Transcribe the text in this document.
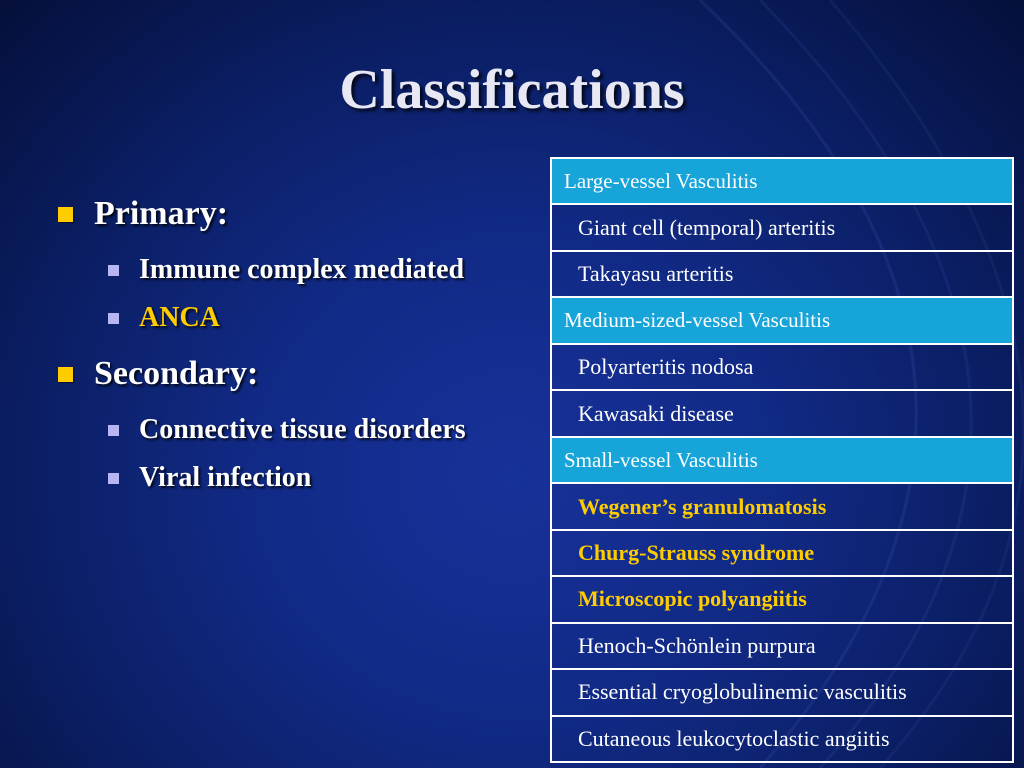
Classifications
Primary:
Immune complex mediated
ANCA
Secondary:
Connective tissue disorders
Viral infection
Large-vessel Vasculitis
Giant cell (temporal) arteritis
Takayasu arteritis
Medium-sized-vessel Vasculitis
Polyarteritis nodosa
Kawasaki disease
Small-vessel Vasculitis
Wegener’s granulomatosis
Churg-Strauss syndrome
Microscopic polyangiitis
Henoch-Schönlein purpura
Essential cryoglobulinemic vasculitis
Cutaneous leukocytoclastic angiitis
